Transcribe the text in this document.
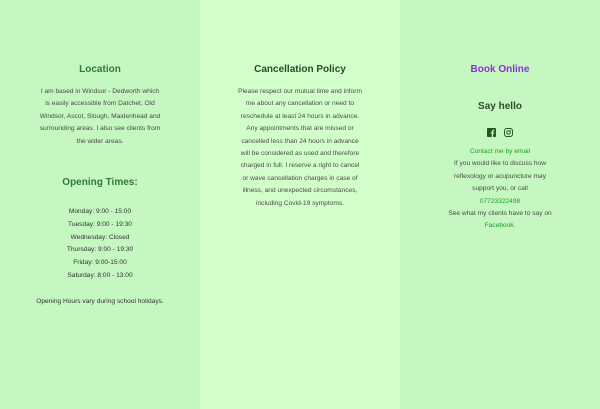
Location

I am based in Windsor - Dedworth which is easily accessible from Datchet, Old Windsor, Ascot, Slough, Maidenhead and surrounding areas. I also see clients from the wider areas.

Opening Times:

Monday: 9:00 - 15:00

Tuesday: 9:00 - 19:30

Wednesday: Closed

Thursday: 9:00 - 19:30

Friday: 9:00-15:00

Saturday: 8:00 - 13:00

Opening Hours vary during school holidays.

Cancellation Policy

Please respect our mutual time and inform me about any cancellation or need to reschedule at least 24 hours in advance. Any appointments that are missed or cancelled less than 24 hours in advance will be considered as used and therefore charged in full. I reserve a right to cancel or wave cancellation charges in case of illness, and unexpected circumstances, including Covid-19 symptoms.

Book Online
Say hello

Contact me by email

If you would like to discuss how reflexology or acupuncture may support you, or call

07723322498

See what my clients have to say on

Facebook.
